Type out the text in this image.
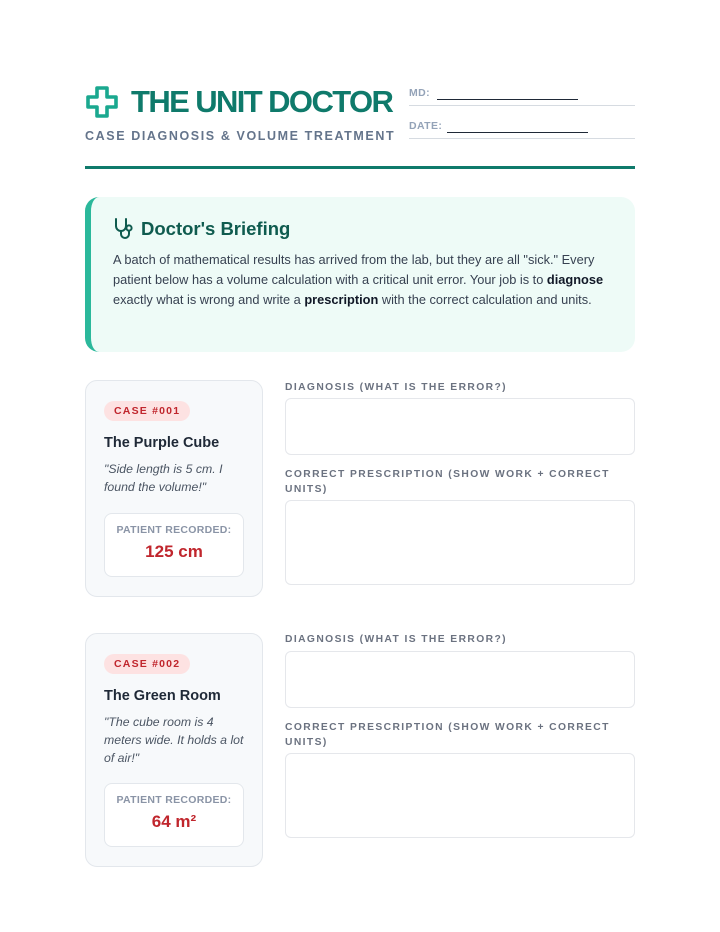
THE UNIT DOCTOR
CASE DIAGNOSIS & VOLUME TREATMENT
MD:
DATE:
Doctor's Briefing

A batch of mathematical results has arrived from the lab, but they are all "sick." Every patient below has a volume calculation with a critical unit error. Your job is to diagnose exactly what is wrong and write a prescription with the correct calculation and units.

CASE #001
The Purple Cube
"Side length is 5 cm. I found the volume!"
PATIENT RECORDED:
125 cm
DIAGNOSIS (WHAT IS THE ERROR?)
CORRECT PRESCRIPTION (SHOW WORK + CORRECT UNITS)
CASE #002
The Green Room
"The cube room is 4 meters wide. It holds a lot of air!"
PATIENT RECORDED:
64 m²
DIAGNOSIS (WHAT IS THE ERROR?)
CORRECT PRESCRIPTION (SHOW WORK + CORRECT UNITS)
